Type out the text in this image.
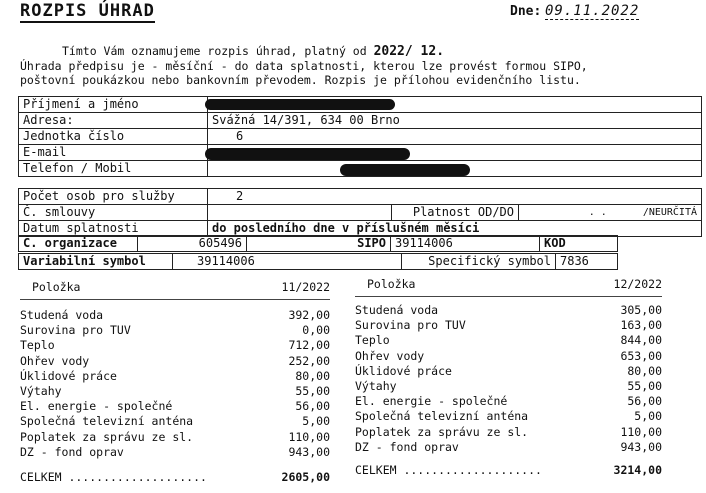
ROZPIS ÚHRAD	Dne: 09.11.2022
Tímto Vám oznamujeme rozpis úhrad, platný od 2022/ 12.
Úhrada předpisu je - měsíční - do data splatnosti, kterou lze provést formou SIPO,
poštovní poukázkou nebo bankovním převodem. Rozpis je přílohou evidenčního listu.
Příjmení a jméno	
Adresa:	Svážná 14/391, 634 00 Brno
Jednotka číslo	6
E-mail	
Telefon / Mobil	
Počet osob pro služby	2		
Č. smlouvy		Platnost OD/DO	. . /NEURČITÁ
Datum splatnosti	do posledního dne v příslušném měsíci		
Č. organizace	605496	SIPO	39114006	KOD
Variabilní symbol	39114006	Specifický symbol	7836
Položka	11/2022
Studená voda	392,00
Surovina pro TUV	0,00
Teplo	712,00
Ohřev vody	252,00
Úklidové práce	80,00
Výtahy	55,00
El. energie - společné	56,00
Společná televizní anténa	5,00
Poplatek za správu ze sl.	110,00
DZ - fond oprav	943,00
CELKEM ....................	2605,00
Položka	12/2022
Studená voda	305,00
Surovina pro TUV	163,00
Teplo	844,00
Ohřev vody	653,00
Úklidové práce	80,00
Výtahy	55,00
El. energie - společné	56,00
Společná televizní anténa	5,00
Poplatek za správu ze sl.	110,00
DZ - fond oprav	943,00
CELKEM ....................	3214,00
